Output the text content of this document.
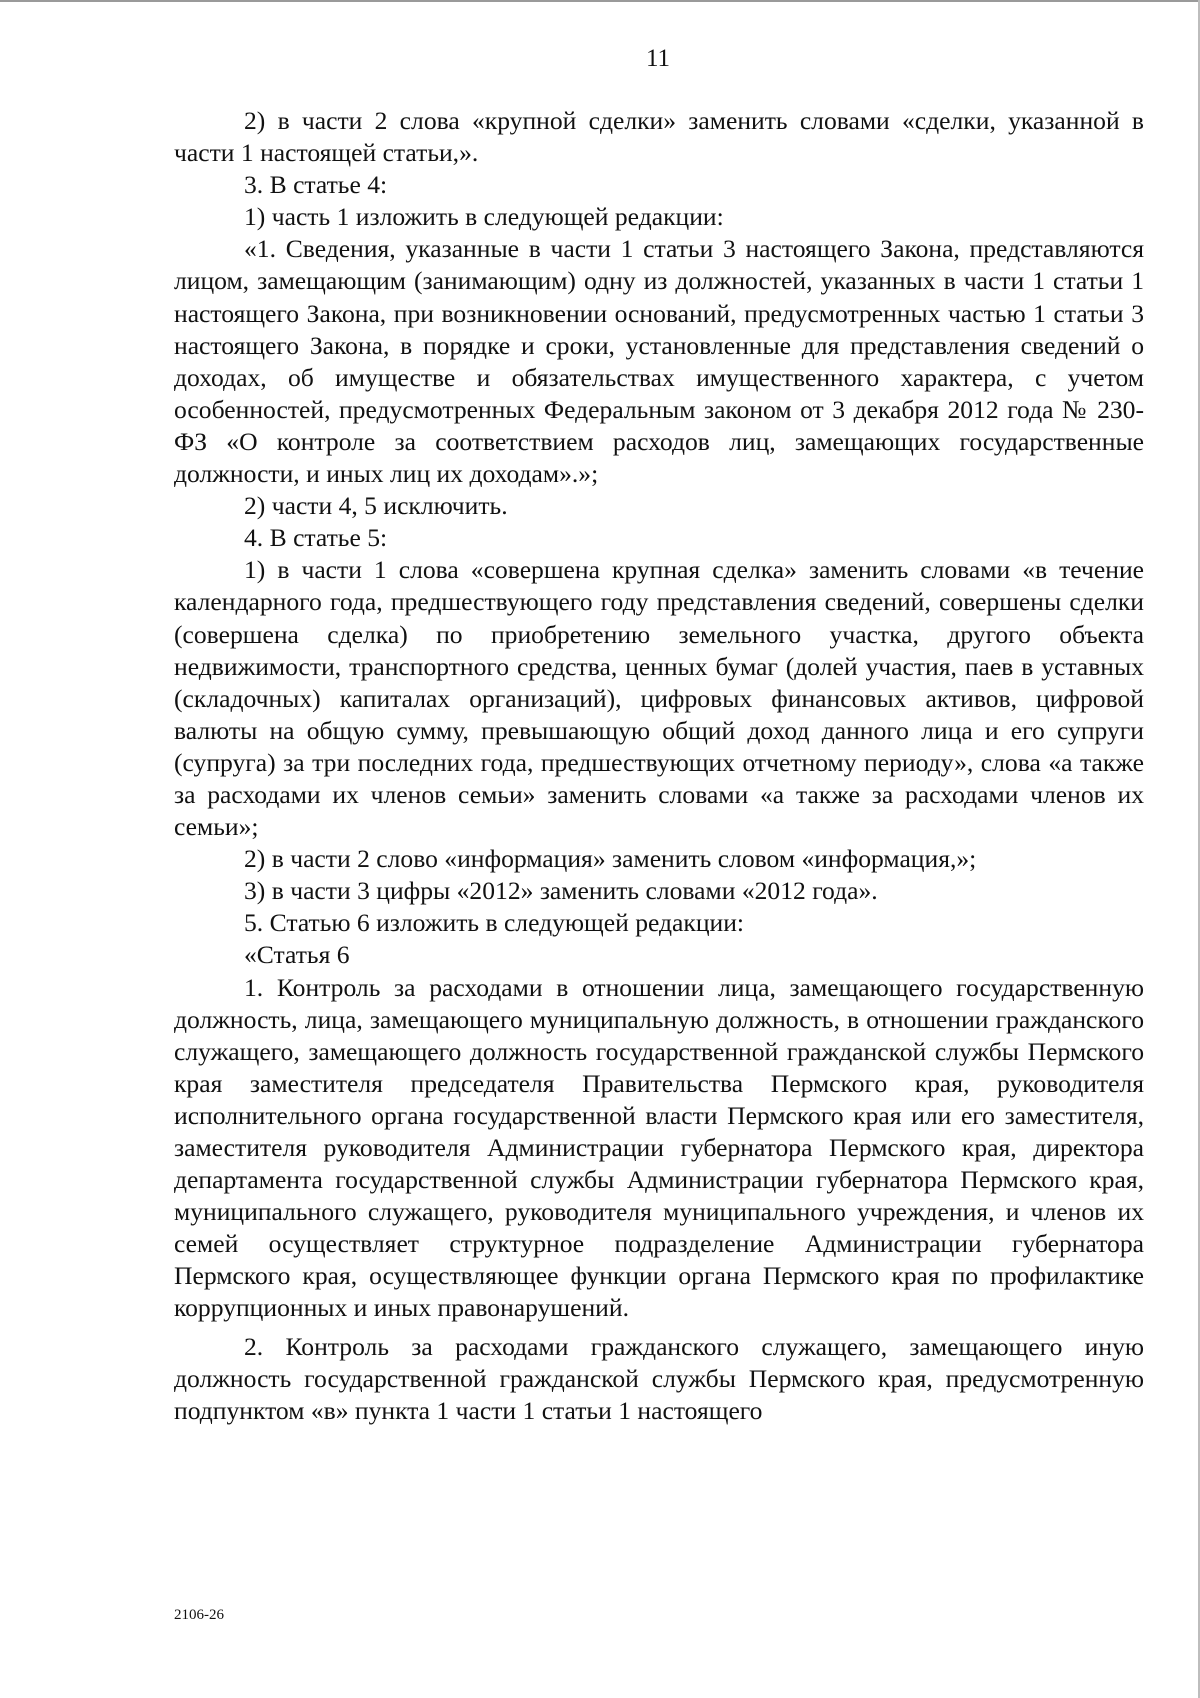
11

2) в части 2 слова «крупной сделки» заменить словами «сделки, указанной в части 1 настоящей статьи,».

3. В статье 4:

1) часть 1 изложить в следующей редакции:

«1. Сведения, указанные в части 1 статьи 3 настоящего Закона, представляются лицом, замещающим (занимающим) одну из должностей, указанных в части 1 статьи 1 настоящего Закона, при возникновении оснований, предусмотренных частью 1 статьи 3 настоящего Закона, в порядке и сроки, установленные для представления сведений о доходах, об имуществе и обязательствах имущественного характера, с учетом особенностей, предусмотренных Федеральным законом от 3 декабря 2012 года № 230-ФЗ «О контроле за соответствием расходов лиц, замещающих государственные должности, и иных лиц их доходам».»;

2) части 4, 5 исключить.

4. В статье 5:

1) в части 1 слова «совершена крупная сделка» заменить словами «в течение календарного года, предшествующего году представления сведений, совершены сделки (совершена сделка) по приобретению земельного участка, другого объекта недвижимости, транспортного средства, ценных бумаг (долей участия, паев в уставных (складочных) капиталах организаций), цифровых финансовых активов, цифровой валюты на общую сумму, превышающую общий доход данного лица и его супруги (супруга) за три последних года, предшествующих отчетному периоду», слова «а также за расходами их членов семьи» заменить словами «а также за расходами членов их семьи»;

2) в части 2 слово «информация» заменить словом «информация,»;

3) в части 3 цифры «2012» заменить словами «2012 года».

5. Статью 6 изложить в следующей редакции:

«Статья 6

1. Контроль за расходами в отношении лица, замещающего государственную должность, лица, замещающего муниципальную должность, в отношении гражданского служащего, замещающего должность государственной гражданской службы Пермского края заместителя председателя Правительства Пермского края, руководителя исполнительного органа государственной власти Пермского края или его заместителя, заместителя руководителя Администрации губернатора Пермского края, директора департамента государственной службы Администрации губернатора Пермского края, муниципального служащего, руководителя муниципального учреждения, и членов их семей осуществляет структурное подразделение Администрации губернатора Пермского края, осуществляющее функции органа Пермского края по профилактике коррупционных и иных правонарушений.

2. Контроль за расходами гражданского служащего, замещающего иную должность государственной гражданской службы Пермского края, предусмотренную подпунктом «в» пункта 1 части 1 статьи 1 настоящего

2106-26
